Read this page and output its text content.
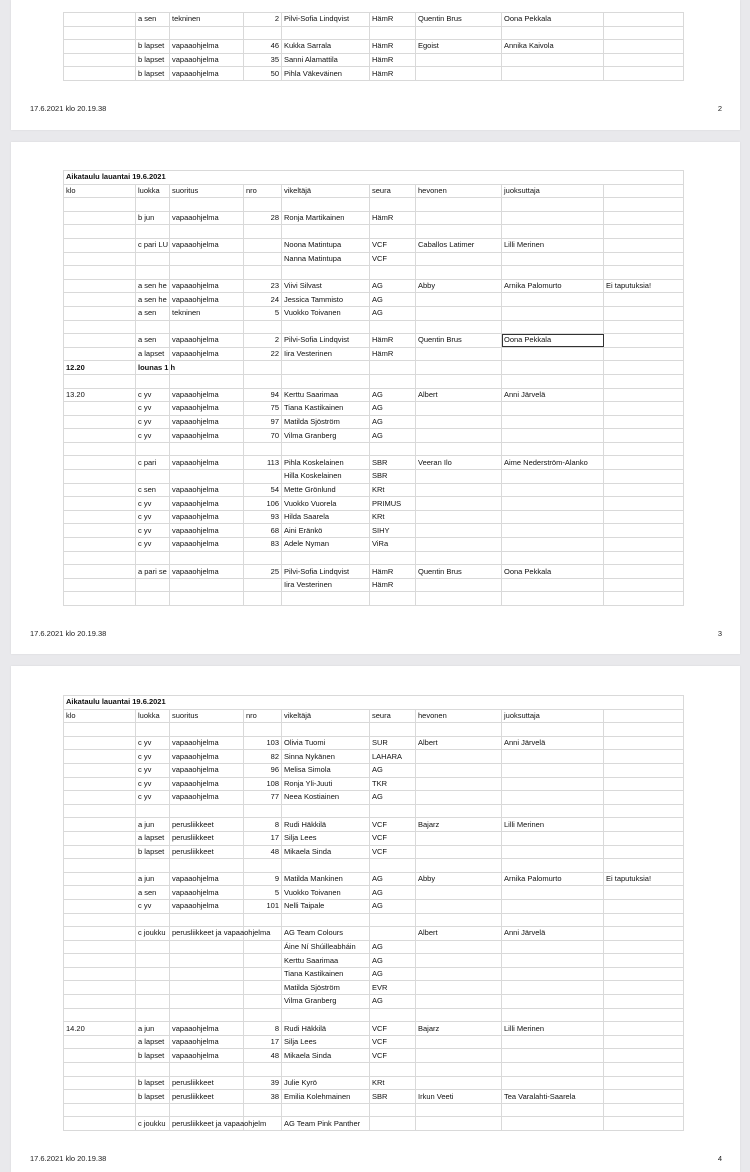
	a sen	tekninen	2	Pilvi-Sofia Lindqvist	HämR	Quentin Brus	Oona Pekkala	

	b lapset	vapaaohjelma	46	Kukka Sarrala	HämR	Egoist	Annika Kaivola	
	b lapset	vapaaohjelma	35	Sanni Alamattila	HämR			
	b lapset	vapaaohjelma	50	Pihla Väkeväinen	HämR			
17.6.2021 klo 20.19.38	2
Aikataulu lauantai 19.6.2021								
klo	luokka	suoritus	nro	vikeltäjä	seura	hevonen	juoksuttaja	

	b jun	vapaaohjelma	28	Ronja Martikainen	HämR			

	c pari LU	vapaaohjelma		Noona Matintupa	VCF	Caballos Latimer	Lilli Merinen	
				Nanna Matintupa	VCF			

	a sen he	vapaaohjelma	23	Viivi Silvast	AG	Abby	Arnika Palomurto	Ei taputuksia!
	a sen he	vapaaohjelma	24	Jessica Tammisto	AG			
	a sen	tekninen	5	Vuokko Toivanen	AG			

	a sen	vapaaohjelma	2	Pilvi-Sofia Lindqvist	HämR	Quentin Brus	Oona Pekkala	
	a lapset	vapaaohjelma	22	Iira Vesterinen	HämR			
12.20	lounas 1 h							

13.20	c yv	vapaaohjelma	94	Kerttu Saarimaa	AG	Albert	Anni Järvelä	
	c yv	vapaaohjelma	75	Tiana Kastikainen	AG			
	c yv	vapaaohjelma	97	Matilda Sjöström	AG			
	c yv	vapaaohjelma	70	Vilma Granberg	AG			

	c pari	vapaaohjelma	113	Pihla Koskelainen	SBR	Veeran Ilo	Aime Nederström-Alanko	
				Hilla Koskelainen	SBR			
	c sen	vapaaohjelma	54	Mette Grönlund	KRt			
	c yv	vapaaohjelma	106	Vuokko Vuorela	PRIMUS			
	c yv	vapaaohjelma	93	Hilda Saarela	KRt			
	c yv	vapaaohjelma	68	Aini Eränkö	SIHY			
	c yv	vapaaohjelma	83	Adele Nyman	ViRa			

	a pari se	vapaaohjelma	25	Pilvi-Sofia Lindqvist	HämR	Quentin Brus	Oona Pekkala	
				Iira Vesterinen	HämR			

17.6.2021 klo 20.19.38	3
Aikataulu lauantai 19.6.2021								
klo	luokka	suoritus	nro	vikeltäjä	seura	hevonen	juoksuttaja	

	c yv	vapaaohjelma	103	Olivia Tuomi	SUR	Albert	Anni Järvelä	
	c yv	vapaaohjelma	82	Sinna Nykänen	LAHARA			
	c yv	vapaaohjelma	96	Melisa Simola	AG			
	c yv	vapaaohjelma	108	Ronja Yli-Juuti	TKR			
	c yv	vapaaohjelma	77	Neea Kostiainen	AG			

	a jun	perusliikkeet	8	Rudi Häkkilä	VCF	Bajarz	Lilli Merinen	
	a lapset	perusliikkeet	17	Silja Lees	VCF			
	b lapset	perusliikkeet	48	Mikaela Sinda	VCF			

	a jun	vapaaohjelma	9	Matilda Mankinen	AG	Abby	Arnika Palomurto	Ei taputuksia!
	a sen	vapaaohjelma	5	Vuokko Toivanen	AG			
	c yv	vapaaohjelma	101	Nelli Taipale	AG			

	c joukku	perusliikkeet ja vapaaohjelma		AG Team Colours		Albert	Anni Järvelä	
				Áine Ní Shúilleabháin	AG			
				Kerttu Saarimaa	AG			
				Tiana Kastikainen	AG			
				Matilda Sjöström	EVR			
				Vilma Granberg	AG			

14.20	a jun	vapaaohjelma	8	Rudi Häkkilä	VCF	Bajarz	Lilli Merinen	
	a lapset	vapaaohjelma	17	Silja Lees	VCF			
	b lapset	vapaaohjelma	48	Mikaela Sinda	VCF			

	b lapset	perusliikkeet	39	Julie Kyrö	KRt			
	b lapset	perusliikkeet	38	Emilia Kolehmainen	SBR	Irkun Veeti	Tea Varalahti-Saarela	

	c joukku	perusliikkeet ja vapaaohjelm		AG Team Pink Panther				
17.6.2021 klo 20.19.38	4
